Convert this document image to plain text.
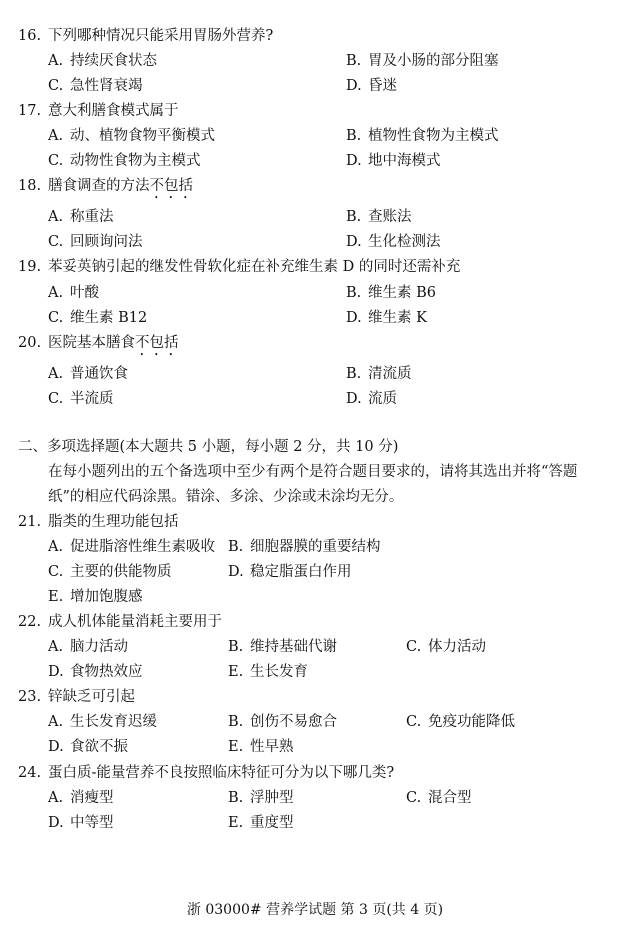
16. 下列哪种情况只能采用胃肠外营养?
A. 持续厌食状态	B. 胃及小肠的部分阻塞
C. 急性肾衰竭	D. 昏迷
17. 意大利膳食模式属于
A. 动、植物食物平衡模式	B. 植物性食物为主模式
C. 动物性食物为主模式	D. 地中海模式
18. 膳食调查的方法不包括
A. 称重法	B. 查账法
C. 回顾询问法	D. 生化检测法
19. 苯妥英钠引起的继发性骨软化症在补充维生素 D 的同时还需补充
A. 叶酸	B. 维生素 B6
C. 维生素 B12	D. 维生素 K
20. 医院基本膳食不包括
A. 普通饮食	B. 清流质
C. 半流质	D. 流质
二、多项选择题(本大题共 5 小题，每小题 2 分，共 10 分)
在每小题列出的五个备选项中至少有两个是符合题目要求的，请将其选出并将“答题
纸”的相应代码涂黑。错涂、多涂、少涂或未涂均无分。
21. 脂类的生理功能包括
A. 促进脂溶性维生素吸收 B. 细胞器膜的重要结构
C. 主要的供能物质	D. 稳定脂蛋白作用
E. 增加饱腹感
22. 成人机体能量消耗主要用于
A. 脑力活动	B. 维持基础代谢	C. 体力活动
D. 食物热效应	E. 生长发育
23. 锌缺乏可引起
A. 生长发育迟缓	B. 创伤不易愈合	C. 免疫功能降低
D. 食欲不振	E. 性早熟
24. 蛋白质-能量营养不良按照临床特征可分为以下哪几类?
A. 消瘦型	B. 浮肿型	C. 混合型
D. 中等型	E. 重度型
浙 03000# 营养学试题 第 3 页(共 4 页)
